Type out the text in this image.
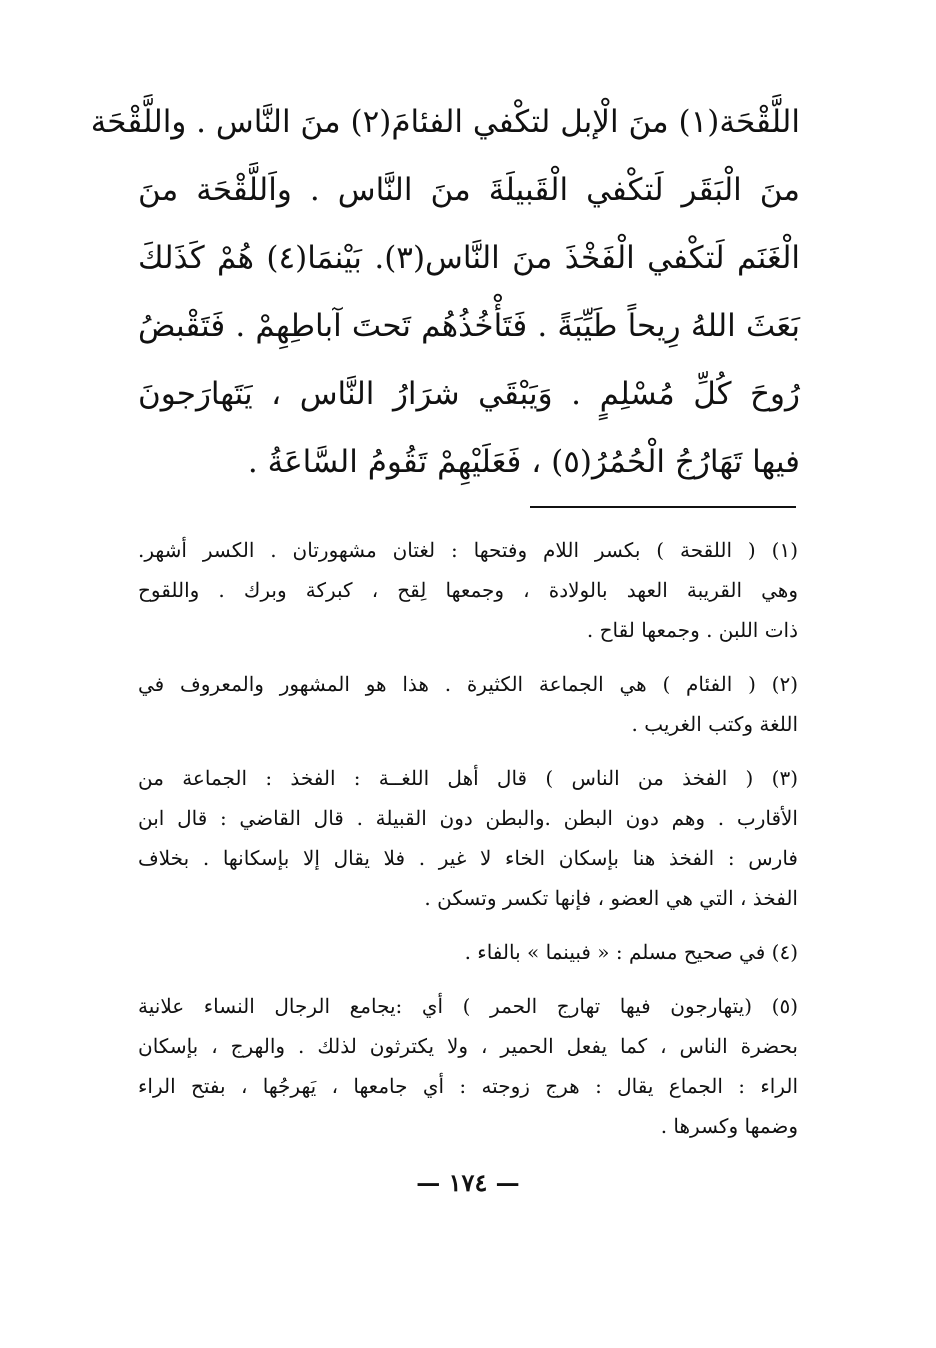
اللَّقْحَة(١) منَ الْإبل لتكْفي الفئامَ(٢) منَ النَّاس . واللَّقْحَة
منَ الْبَقَر لَتكْفي الْقَبيلَةَ منَ النَّاس . واَللَّقْحَة منَ
الْغَنَم لَتكْفي الْفَخْذَ منَ النَّاس(٣). بَيْنمَا(٤) هُمْ كَذَلكَ
بَعَثَ اللهُ رِيحاً طَيِّبَةً . فَتَأْخُذُهُم تَحتَ آباطِهِمْ . فَتَقْبضُ
رُوحَ كُلِّ مُسْلِمٍ . وَيَبْقَي شرَارُ النَّاس ، يَتَهارَجونَ
فيها تَهَارُجُ الْحُمُرُ(٥) ، فَعَلَيْهِمْ تَقُومُ السَّاعَةُ .
(١) ( اللقحة ) بكسر اللام وفتحها : لغتان مشهورتان . الكسر أشهر.
وهي القريبة العهد بالولادة ، وجمعها لِقح ، كبركة وبرك . واللقوح
ذات اللبن . وجمعها لقاح .
(٢) ( الفئام ) هي الجماعة الكثيرة . هذا هو المشهور والمعروف في
اللغة وكتب الغريب .
(٣) ( الفخذ من الناس ) قال أهل اللغــة : الفخذ : الجماعة من
الأقارب . وهم دون البطن .والبطن دون القبيلة . قال القاضي : قال ابن
فارس : الفخذ هنا بإسكان الخاء لا غير . فلا يقال إلا بإسكانها . بخلاف
الفخذ ، التي هي العضو ، فإنها تكسر وتسكن .
(٤) في صحيح مسلم : « فبينما » بالفاء .
(٥) (يتهارجون فيها تهارج الحمر ) أي :يجامع الرجال النساء علانية
بحضرة الناس ، كما يفعل الحمير ، ولا يكترثون لذلك . والهرج ، بإسكان
الراء : الجماع يقال : هرج زوجته : أي جامعها ، يَهرجُها ، بفتح الراء
وضمها وكسرها .
— ١٧٤ —
